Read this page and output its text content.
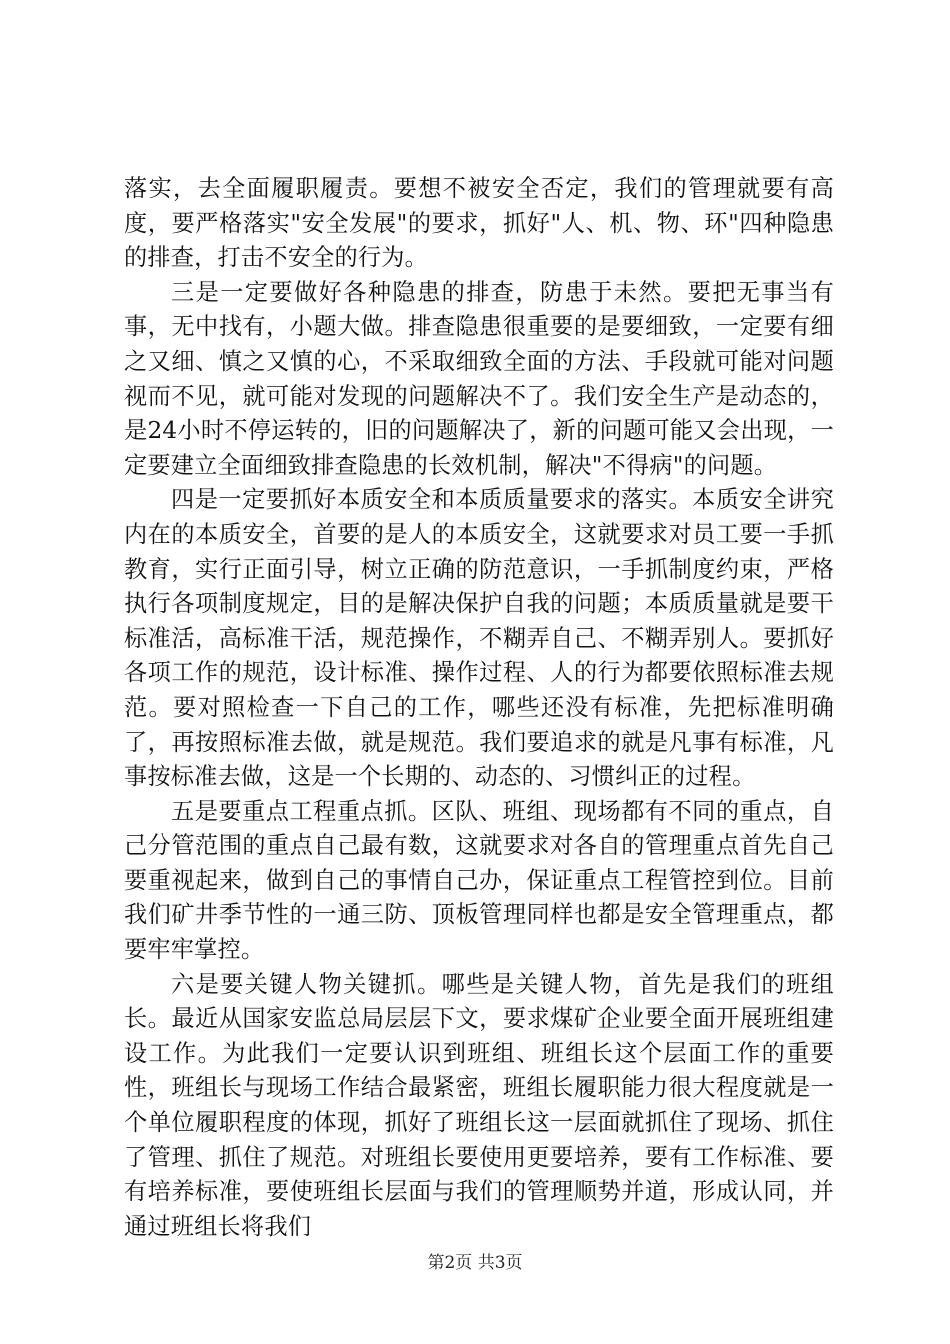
落实，去全面履职履责。要想不被安全否定，我们的管理就要有高度，要严格落实"安全发展"的要求，抓好"人、机、物、环"四种隐患的排查，打击不安全的行为。

三是一定要做好各种隐患的排查，防患于未然。要把无事当有事，无中找有，小题大做。排查隐患很重要的是要细致，一定要有细之又细、慎之又慎的心，不采取细致全面的方法、手段就可能对问题视而不见，就可能对发现的问题解决不了。我们安全生产是动态的，是24小时不停运转的，旧的问题解决了，新的问题可能又会出现，一定要建立全面细致排查隐患的长效机制，解决"不得病"的问题。

四是一定要抓好本质安全和本质质量要求的落实。本质安全讲究内在的本质安全，首要的是人的本质安全，这就要求对员工要一手抓教育，实行正面引导，树立正确的防范意识，一手抓制度约束，严格执行各项制度规定，目的是解决保护自我的问题；本质质量就是要干标准活，高标准干活，规范操作，不糊弄自己、不糊弄别人。要抓好各项工作的规范，设计标准、操作过程、人的行为都要依照标准去规范。要对照检查一下自己的工作，哪些还没有标准，先把标准明确了，再按照标准去做，就是规范。我们要追求的就是凡事有标准，凡事按标准去做，这是一个长期的、动态的、习惯纠正的过程。

五是要重点工程重点抓。区队、班组、现场都有不同的重点，自己分管范围的重点自己最有数，这就要求对各自的管理重点首先自己要重视起来，做到自己的事情自己办，保证重点工程管控到位。目前我们矿井季节性的一通三防、顶板管理同样也都是安全管理重点，都要牢牢掌控。

六是要关键人物关键抓。哪些是关键人物，首先是我们的班组长。最近从国家安监总局层层下文，要求煤矿企业要全面开展班组建设工作。为此我们一定要认识到班组、班组长这个层面工作的重要性，班组长与现场工作结合最紧密，班组长履职能力很大程度就是一个单位履职程度的体现，抓好了班组长这一层面就抓住了现场、抓住了管理、抓住了规范。对班组长要使用更要培养，要有工作标准、要有培养标准，要使班组长层面与我们的管理顺势并道，形成认同，并通过班组长将我们

第2页 共3页
